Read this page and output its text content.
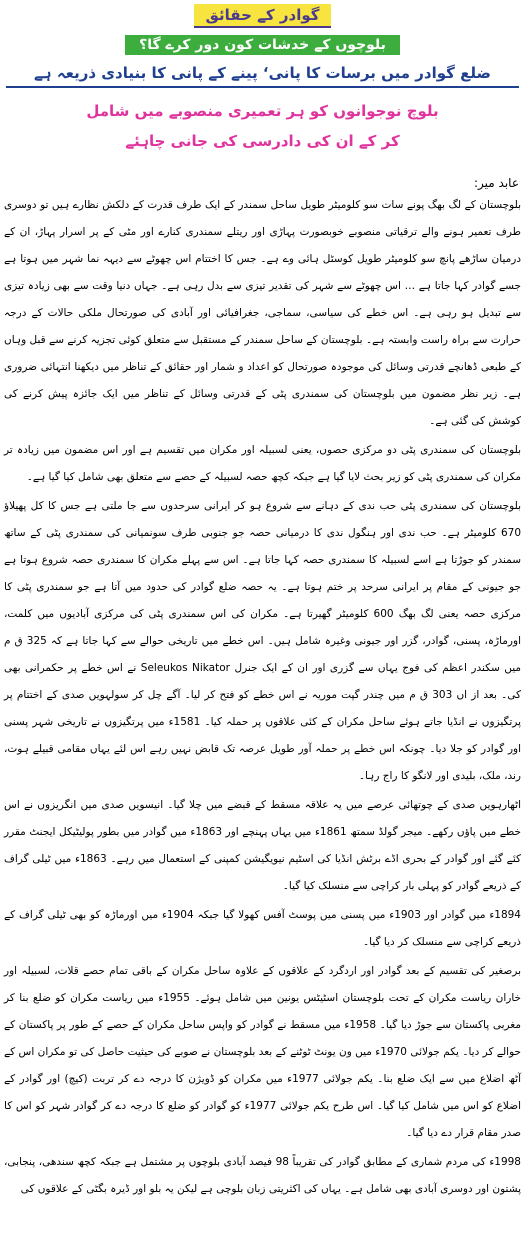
گوادر کے حقائق
بلوچوں کے خدشات کون دور کرے گا؟
ضلع گوادر میں برسات کا پانی‘ پینے کے پانی کا بنیادی ذریعہ ہے
بلوچ نوجوانوں کو ہر تعمیری منصوبے میں شامل
کر کے ان کی دادرسی کی جانی چاہئے
عابد میر:

بلوچستان کے لگ بھگ پونے سات سو کلومیٹر طویل ساحل سمندر کے ایک طرف قدرت کے دلکش نظارے ہیں تو دوسری طرف تعمیر ہونے والے ترقیاتی منصوبے خوبصورت پہاڑی اور ریتلے سمندری کنارے اور مٹی کے پر اسرار پہاڑ، ان کے درمیان ساڑھے پانچ سو کلومیٹر طویل کوسٹل ہائی وے ہے۔ جس کا اختتام اس چھوٹے سے دیہہ نما شہر میں ہوتا ہے جسے گوادر کہا جاتا ہے … اس چھوٹے سے شہر کی تقدیر تیزی سے بدل رہی ہے۔ جہاں دنیا وقت سے بھی زیادہ تیزی سے تبدیل ہو رہی ہے۔ اس خطے کی سیاسی، سماجی، جغرافیائی اور آبادی کی صورتحال ملکی حالات کے درجہ حرارت سے براہ راست وابستہ ہے۔ بلوچستان کے ساحل سمندر کے مستقبل سے متعلق کوئی تجزیہ کرنے سے قبل وہاں کے طبعی ڈھانچے قدرتی وسائل کی موجودہ صورتحال کو اعداد و شمار اور حقائق کے تناظر میں دیکھنا انتہائی ضروری ہے۔ زیر نظر مضمون میں بلوچستان کی سمندری پٹی کے قدرتی وسائل کے تناظر میں ایک جائزہ پیش کرنے کی کوشش کی گئی ہے۔

بلوچستان کی سمندری پٹی دو مرکزی حصوں، یعنی لسبیلہ اور مکران میں تقسیم ہے اور اس مضمون میں زیادہ تر مکران کی سمندری پٹی کو زیر بحث لایا گیا ہے جبکہ کچھ حصہ لسبیلہ کے حصے سے متعلق بھی شامل کیا گیا ہے۔

بلوچستان کی سمندری پٹی حب ندی کے دہانے سے شروع ہو کر ایرانی سرحدوں سے جا ملتی ہے جس کا کل پھیلاؤ 670 کلومیٹر ہے۔ حب ندی اور ہنگول ندی کا درمیانی حصہ جو جنوبی طرف سونمیانی کی سمندری پٹی کے ساتھ سمندر کو جوڑتا ہے اسے لسبیلہ کا سمندری حصہ کہا جاتا ہے۔ اس سے پہلے مکران کا سمندری حصہ شروع ہوتا ہے جو جیونی کے مقام پر ایرانی سرحد پر ختم ہوتا ہے۔ یہ حصہ ضلع گوادر کی حدود میں آتا ہے جو سمندری پٹی کا مرکزی حصہ یعنی لگ بھگ 600 کلومیٹر گھیرتا ہے۔ مکران کی اس سمندری پٹی کی مرکزی آبادیوں میں کلمت، اورماڑہ، پسنی، گوادر، گزر اور جیونی وغیرہ شامل ہیں۔ اس خطے میں تاریخی حوالے سے کہا جاتا ہے کہ 325 ق م میں سکندر اعظم کی فوج یہاں سے گزری اور ان کے ایک جنرل Seleukos Nikator نے اس خطے پر حکمرانی بھی کی۔ بعد از اں 303 ق م میں چندر گپت موریہ نے اس خطے کو فتح کر لیا۔ آگے چل کر سولہویں صدی کے اختتام پر پرتگیزوں نے انڈیا جاتے ہوئے ساحل مکران کے کئی علاقوں پر حملہ کیا۔ 1581ء میں پرتگیزوں نے تاریخی شہر پسنی اور گوادر کو جلا دیا۔ چونکہ اس خطے پر حملہ آور طویل عرصہ تک قابض نہیں رہے اس لئے یہاں مقامی قبیلے ہوت، رند، ملک، بلیدی اور لانگو کا راج رہا۔

اٹھارہویں صدی کے چوتھائی عرصے میں یہ علاقہ مسقط کے قبضے میں چلا گیا۔ انیسویں صدی میں انگریزوں نے اس خطے میں پاؤں رکھے۔ میجر گولڈ سمتھ 1861ء میں یہاں پہنچے اور 1863ء میں گوادر میں بطور پولیٹیکل ایجنٹ مقرر کئے گئے اور گوادر کے بحری اڈے برٹش انڈیا کی اسٹیم نیویگیشن کمپنی کے استعمال میں رہے۔ 1863ء میں ٹیلی گراف کے ذریعے گوادر کو پہلی بار کراچی سے منسلک کیا گیا۔

1894ء میں گوادر اور 1903ء میں پسنی میں پوسٹ آفس کھولا گیا جبکہ 1904ء میں اورماڑہ کو بھی ٹیلی گراف کے ذریعے کراچی سے منسلک کر دیا گیا۔

برصغیر کی تقسیم کے بعد گوادر اور اردگرد کے علاقوں کے علاوہ ساحل مکران کے باقی تمام حصے قلات، لسبیلہ اور خاران ریاست مکران کے تحت بلوچستان اسٹیٹس یونین میں شامل ہوئے۔ 1955ء میں ریاست مکران کو ضلع بنا کر مغربی پاکستان سے جوڑ دیا گیا۔ 1958ء میں مسقط نے گوادر کو واپس ساحل مکران کے حصے کے طور پر پاکستان کے حوالے کر دیا۔ یکم جولائی 1970ء میں ون یونٹ ٹوٹنے کے بعد بلوچستان نے صوبے کی حیثیت حاصل کی تو مکران اس کے آٹھ اضلاع میں سے ایک ضلع بنا۔ یکم جولائی 1977ء میں مکران کو ڈویژن کا درجہ دے کر تربت (کیچ) اور گوادر کے اضلاع کو اس میں شامل کیا گیا۔ اس طرح یکم جولائی 1977ء کو گوادر کو ضلع کا درجہ دے کر گوادر شہر کو اس کا صدر مقام قرار دے دیا گیا۔

1998ء کی مردم شماری کے مطابق گوادر کی تقریباً 98 فیصد آبادی بلوچوں پر مشتمل ہے جبکہ کچھ سندھی، پنجابی، پشتون اور دوسری آبادی بھی شامل ہے۔ یہاں کی اکثریتی زبان بلوچی ہے لیکن یہ بلو اور ڈیرہ بگٹی کے علاقوں کی
